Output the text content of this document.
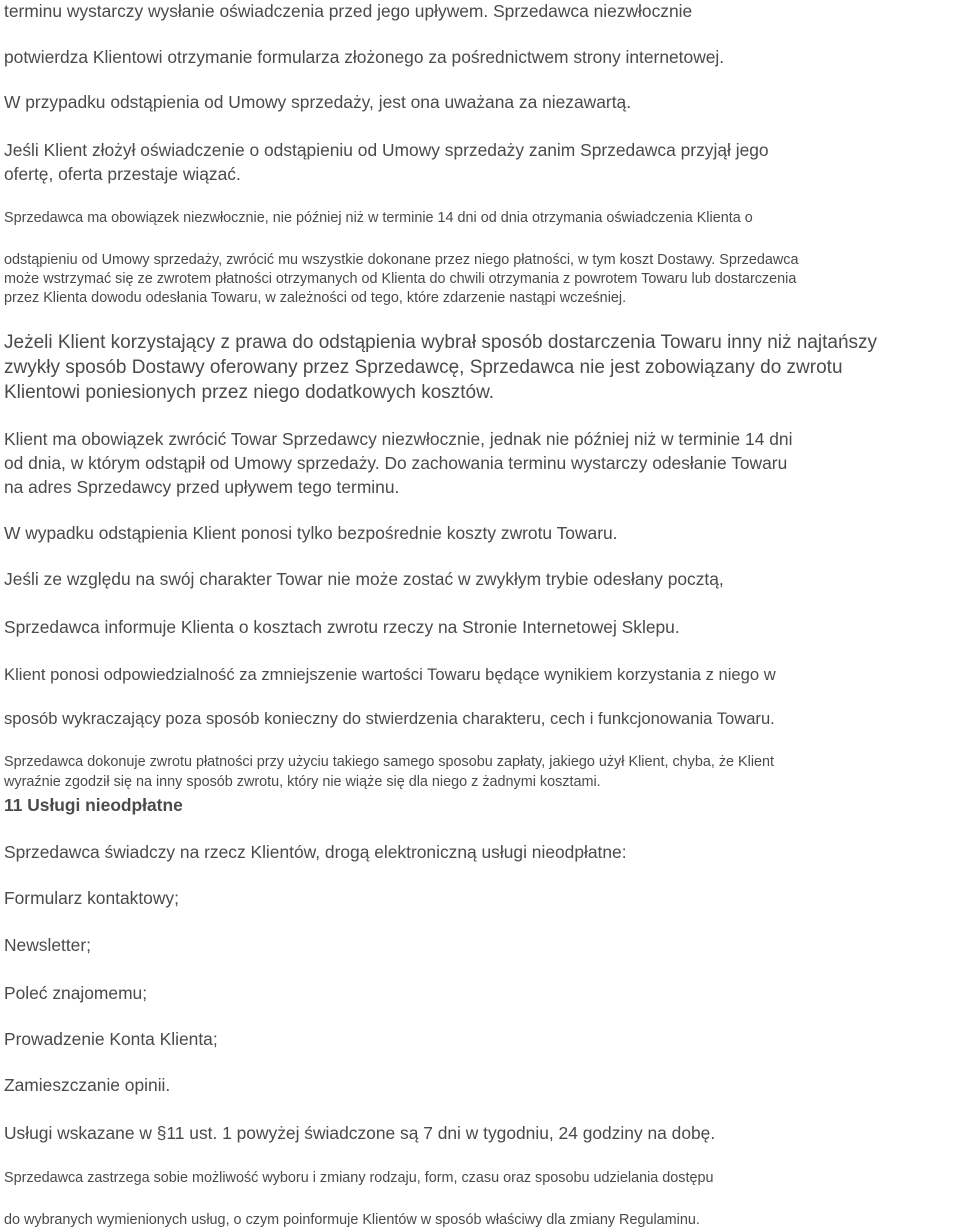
terminu wystarczy wysłanie oświadczenia przed jego upływem. Sprzedawca niezwłocznie

potwierdza Klientowi otrzymanie formularza złożonego za pośrednictwem strony internetowej.

W przypadku odstąpienia od Umowy sprzedaży, jest ona uważana za niezawartą.

Jeśli Klient złożył oświadczenie o odstąpieniu od Umowy sprzedaży zanim Sprzedawca przyjął jego

ofertę, oferta przestaje wiązać.

Sprzedawca ma obowiązek niezwłocznie, nie później niż w terminie 14 dni od dnia otrzymania oświadczenia Klienta o

odstąpieniu od Umowy sprzedaży, zwrócić mu wszystkie dokonane przez niego płatności, w tym koszt Dostawy. Sprzedawca

może wstrzymać się ze zwrotem płatności otrzymanych od Klienta do chwili otrzymania z powrotem Towaru lub dostarczenia

przez Klienta dowodu odesłania Towaru, w zależności od tego, które zdarzenie nastąpi wcześniej.

Jeżeli Klient korzystający z prawa do odstąpienia wybrał sposób dostarczenia Towaru inny niż najtańszy

zwykły sposób Dostawy oferowany przez Sprzedawcę, Sprzedawca nie jest zobowiązany do zwrotu

Klientowi poniesionych przez niego dodatkowych kosztów.

Klient ma obowiązek zwrócić Towar Sprzedawcy niezwłocznie, jednak nie później niż w terminie 14 dni

od dnia, w którym odstąpił od Umowy sprzedaży. Do zachowania terminu wystarczy odesłanie Towaru

na adres Sprzedawcy przed upływem tego terminu.

W wypadku odstąpienia Klient ponosi tylko bezpośrednie koszty zwrotu Towaru.

Jeśli ze względu na swój charakter Towar nie może zostać w zwykłym trybie odesłany pocztą,

Sprzedawca informuje Klienta o kosztach zwrotu rzeczy na Stronie Internetowej Sklepu.

Klient ponosi odpowiedzialność za zmniejszenie wartości Towaru będące wynikiem korzystania z niego w

sposób wykraczający poza sposób konieczny do stwierdzenia charakteru, cech i funkcjonowania Towaru.

Sprzedawca dokonuje zwrotu płatności przy użyciu takiego samego sposobu zapłaty, jakiego użył Klient, chyba, że Klient

wyraźnie zgodził się na inny sposób zwrotu, który nie wiąże się dla niego z żadnymi kosztami.

11 Usługi nieodpłatne

Sprzedawca świadczy na rzecz Klientów, drogą elektroniczną usługi nieodpłatne:

Formularz kontaktowy;

Newsletter;

Poleć znajomemu;

Prowadzenie Konta Klienta;

Zamieszczanie opinii.

Usługi wskazane w §11 ust. 1 powyżej świadczone są 7 dni w tygodniu, 24 godziny na dobę.

Sprzedawca zastrzega sobie możliwość wyboru i zmiany rodzaju, form, czasu oraz sposobu udzielania dostępu

do wybranych wymienionych usług, o czym poinformuje Klientów w sposób właściwy dla zmiany Regulaminu.
